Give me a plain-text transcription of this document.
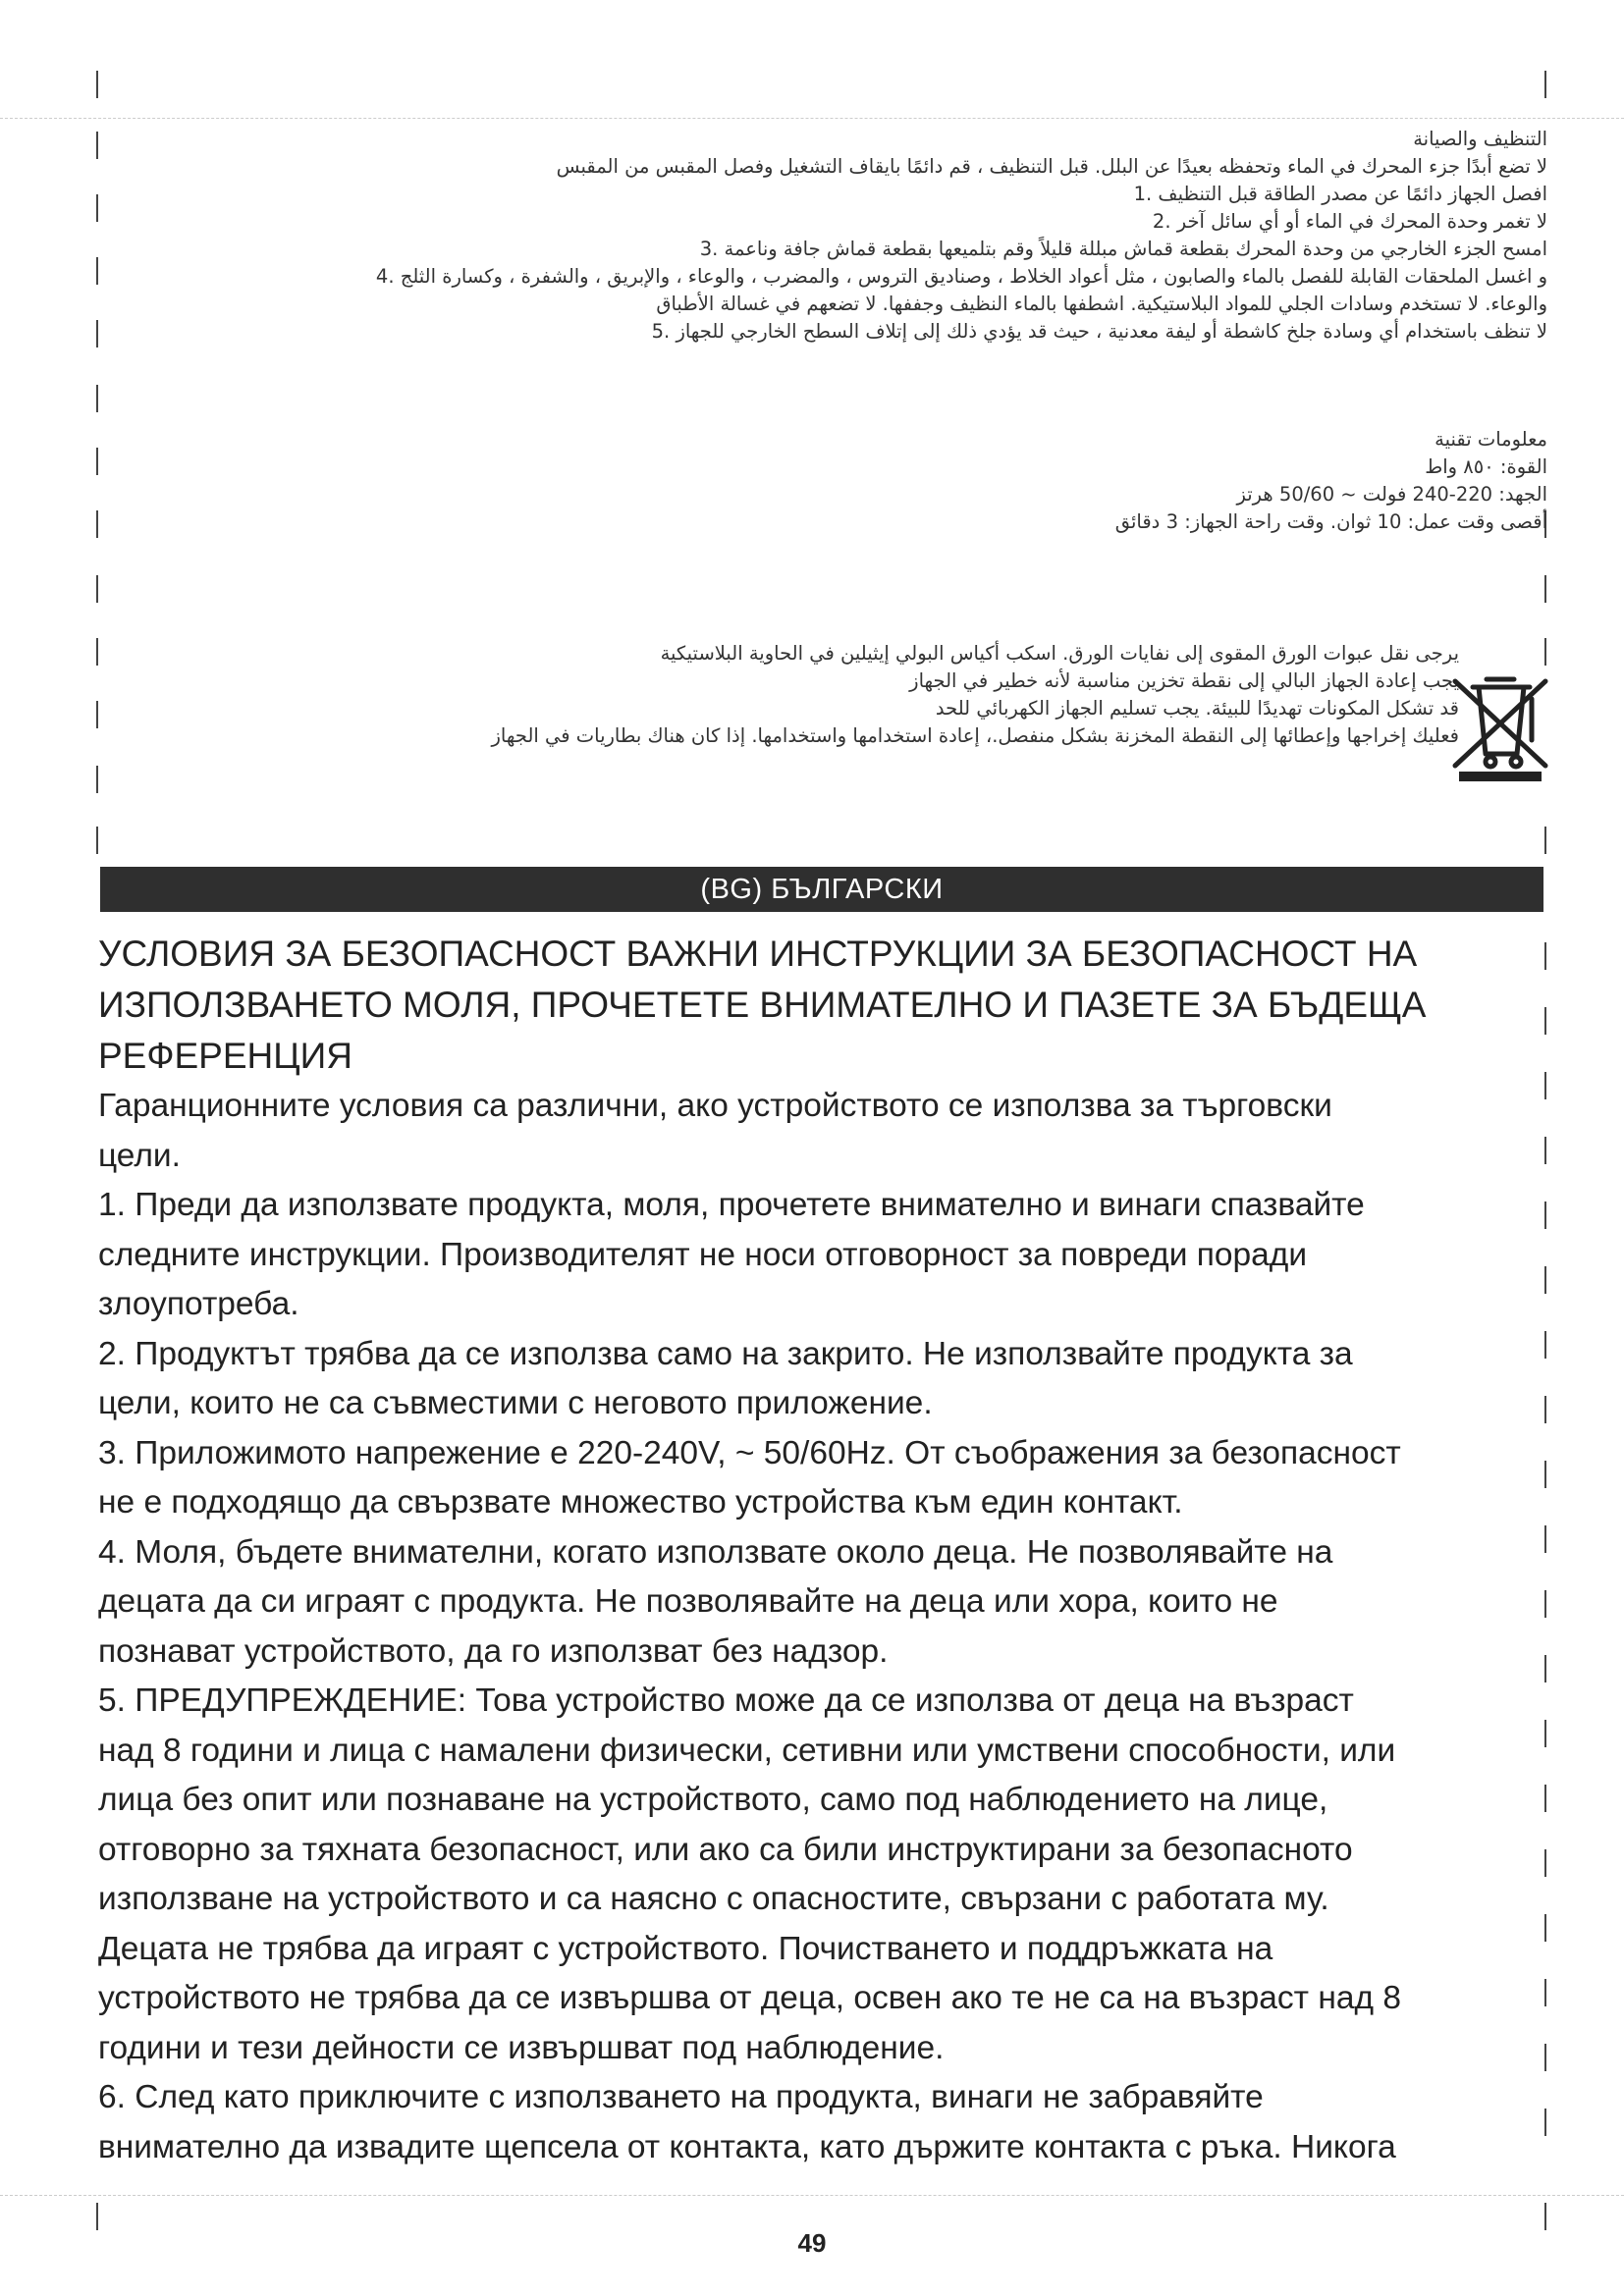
التنظيف والصيانة
لا تضع أبدًا جزء المحرك في الماء وتحفظه بعيدًا عن البلل. قبل التنظيف ، قم دائمًا بايقاف التشغيل وفصل المقبس من المقبس
افصل الجهاز دائمًا عن مصدر الطاقة قبل التنظيف .1
لا تغمر وحدة المحرك في الماء أو أي سائل آخر .2
امسح الجزء الخارجي من وحدة المحرك بقطعة قماش مبللة قليلاً وقم بتلميعها بقطعة قماش جافة وناعمة .3
و اغسل الملحقات القابلة للفصل بالماء والصابون ، مثل أعواد الخلاط ، وصناديق التروس ، والمضرب ، والوعاء ، والإبريق ، والشفرة ، وكسارة الثلج .4
والوعاء. لا تستخدم وسادات الجلي للمواد البلاستيكية. اشطفها بالماء النظيف وجففها. لا تضعهم في غسالة الأطباق
لا تنظف باستخدام أي وسادة جلخ كاشطة أو ليفة معدنية ، حيث قد يؤدي ذلك إلى إتلاف السطح الخارجي للجهاز .5
معلومات تقنية
القوة: ٨٥٠ واط
الجهد: 220-240 فولت ~ 50/60 هرتز
أقصى وقت عمل: 10 ثوان. وقت راحة الجهاز: 3 دقائق
يرجى نقل عبوات الورق المقوى إلى نفايات الورق. اسكب أكياس البولي إيثيلين في الحاوية البلاستيكية
يجب إعادة الجهاز البالي إلى نقطة تخزين مناسبة لأنه خطير في الجهاز
قد تشكل المكونات تهديدًا للبيئة. يجب تسليم الجهاز الكهربائي للحد
فعليك إخراجها وإعطائها إلى النقطة المخزنة بشكل منفصل.، إعادة استخدامها واستخدامها. إذا كان هناك بطاريات في الجهاز
(BG) БЪЛГАРСКИ

УСЛОВИЯ ЗА БЕЗОПАСНОСТ ВАЖНИ ИНСТРУКЦИИ ЗА БЕЗОПАСНОСТ НА

ИЗПОЛЗВАНЕТО МОЛЯ, ПРОЧЕТЕТЕ ВНИМАТЕЛНО И ПАЗЕТЕ ЗА БЪДЕЩА

РЕФЕРЕНЦИЯ

Гаранционните условия са различни, ако устройството се използва за търговски

цели.

1. Преди да използвате продукта, моля, прочетете внимателно и винаги спазвайте

следните инструкции. Производителят не носи отговорност за повреди поради

злоупотреба.

2. Продуктът трябва да се използва само на закрито. Не използвайте продукта за

цели, които не са съвместими с неговото приложение.

3. Приложимото напрежение е 220-240V, ~ 50/60Hz. От съображения за безопасност

не е подходящо да свързвате множество устройства към един контакт.

4. Моля, бъдете внимателни, когато използвате около деца. Не позволявайте на

децата да си играят с продукта. Не позволявайте на деца или хора, които не

познават устройството, да го използват без надзор.

5. ПРЕДУПРЕЖДЕНИЕ: Това устройство може да се използва от деца на възраст

над 8 години и лица с намалени физически, сетивни или умствени способности, или

лица без опит или познаване на устройството, само под наблюдението на лице,

отговорно за тяхната безопасност, или ако са били инструктирани за безопасното

използване на устройството и са наясно с опасностите, свързани с работата му.

Децата не трябва да играят с устройството. Почистването и поддръжката на

устройството не трябва да се извършва от деца, освен ако те не са на възраст над 8

години и тези дейности се извършват под наблюдение.

6. След като приключите с използването на продукта, винаги не забравяйте

внимателно да извадите щепсела от контакта, като държите контакта с ръка. Никога

49
